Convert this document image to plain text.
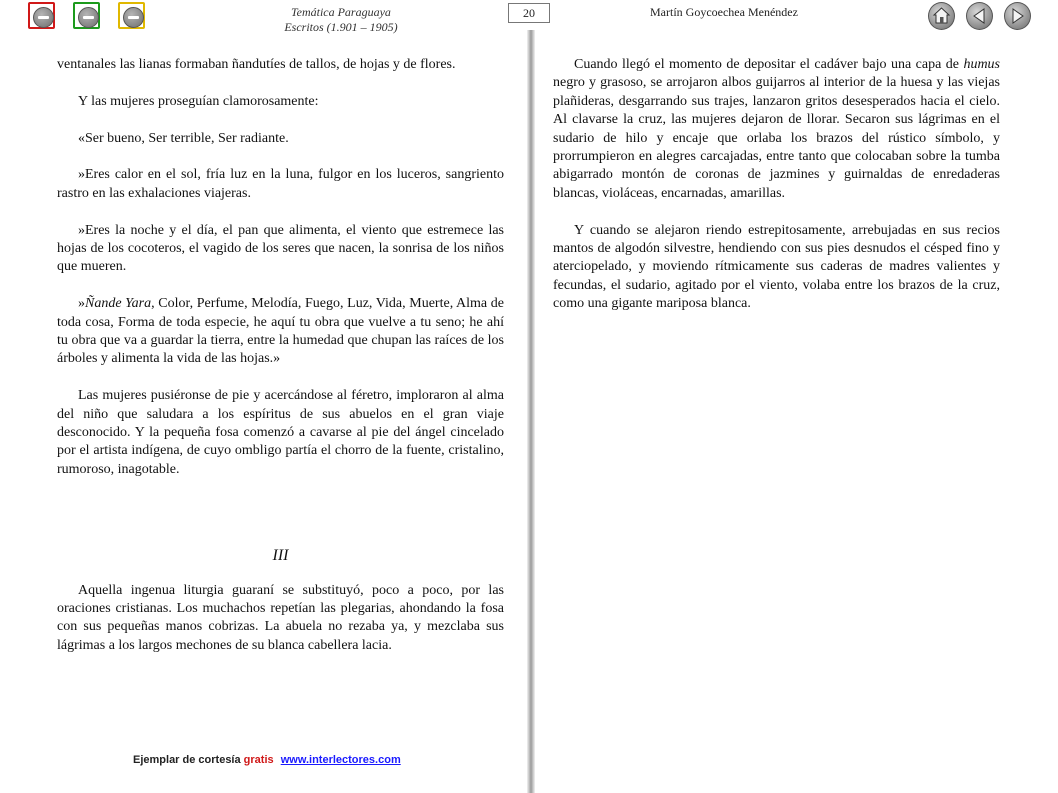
Temática Paraguaya
Escritos (1.901 – 1905)
20	Martín Goycoechea Menéndez

ventanales las lianas formaban ñandutíes de tallos, de hojas y de flores.

Y las mujeres proseguían clamorosamente:

«Ser bueno, Ser terrible, Ser radiante.

»Eres calor en el sol, fría luz en la luna, fulgor en los luceros, sangriento rastro en las exhalaciones viajeras.

»Eres la noche y el día, el pan que alimenta, el viento que estremece las hojas de los cocoteros, el vagido de los seres que nacen, la sonrisa de los niños que mueren.

»Ñande Yara, Color, Perfume, Melodía, Fuego, Luz, Vida, Muerte, Alma de toda cosa, Forma de toda especie, he aquí tu obra que vuelve a tu seno; he ahí tu obra que va a guardar la tierra, entre la humedad que chupan las raíces de los árboles y alimenta la vida de las hojas.»

Las mujeres pusiéronse de pie y acercándose al féretro, imploraron al alma del niño que saludara a los espíritus de sus abuelos en el gran viaje desconocido. Y la pequeña fosa comenzó a cavarse al pie del ángel cincelado por el artista indígena, de cuyo ombligo partía el chorro de la fuente, cristalino, rumoroso, inagotable.

III

Aquella ingenua liturgia guaraní se substituyó, poco a poco, por las oraciones cristianas. Los muchachos repetían las plegarias, ahondando la fosa con sus pequeñas manos cobrizas. La abuela no rezaba ya, y mezclaba sus lágrimas a los largos mechones de su blanca cabellera lacia.

Cuando llegó el momento de depositar el cadáver bajo una capa de humus negro y grasoso, se arrojaron albos guijarros al interior de la huesa y las viejas plañideras, desgarrando sus trajes, lanzaron gritos desesperados hacia el cielo. Al clavarse la cruz, las mujeres dejaron de llorar. Secaron sus lágrimas en el sudario de hilo y encaje que orlaba los brazos del rústico símbolo, y prorrumpieron en alegres carcajadas, entre tanto que colocaban sobre la tumba abigarrado montón de coronas de jazmines y guirnaldas de enredaderas blancas, violáceas, encarnadas, amarillas.

Y cuando se alejaron riendo estrepitosamente, arrebujadas en sus recios mantos de algodón silvestre, hendiendo con sus pies desnudos el césped fino y aterciopelado, y moviendo rítmicamente sus caderas de madres valientes y fecundas, el sudario, agitado por el viento, volaba entre los brazos de la cruz, como una gigante mariposa blanca.

Ejemplar de cortesía gratis www.interlectores.com
